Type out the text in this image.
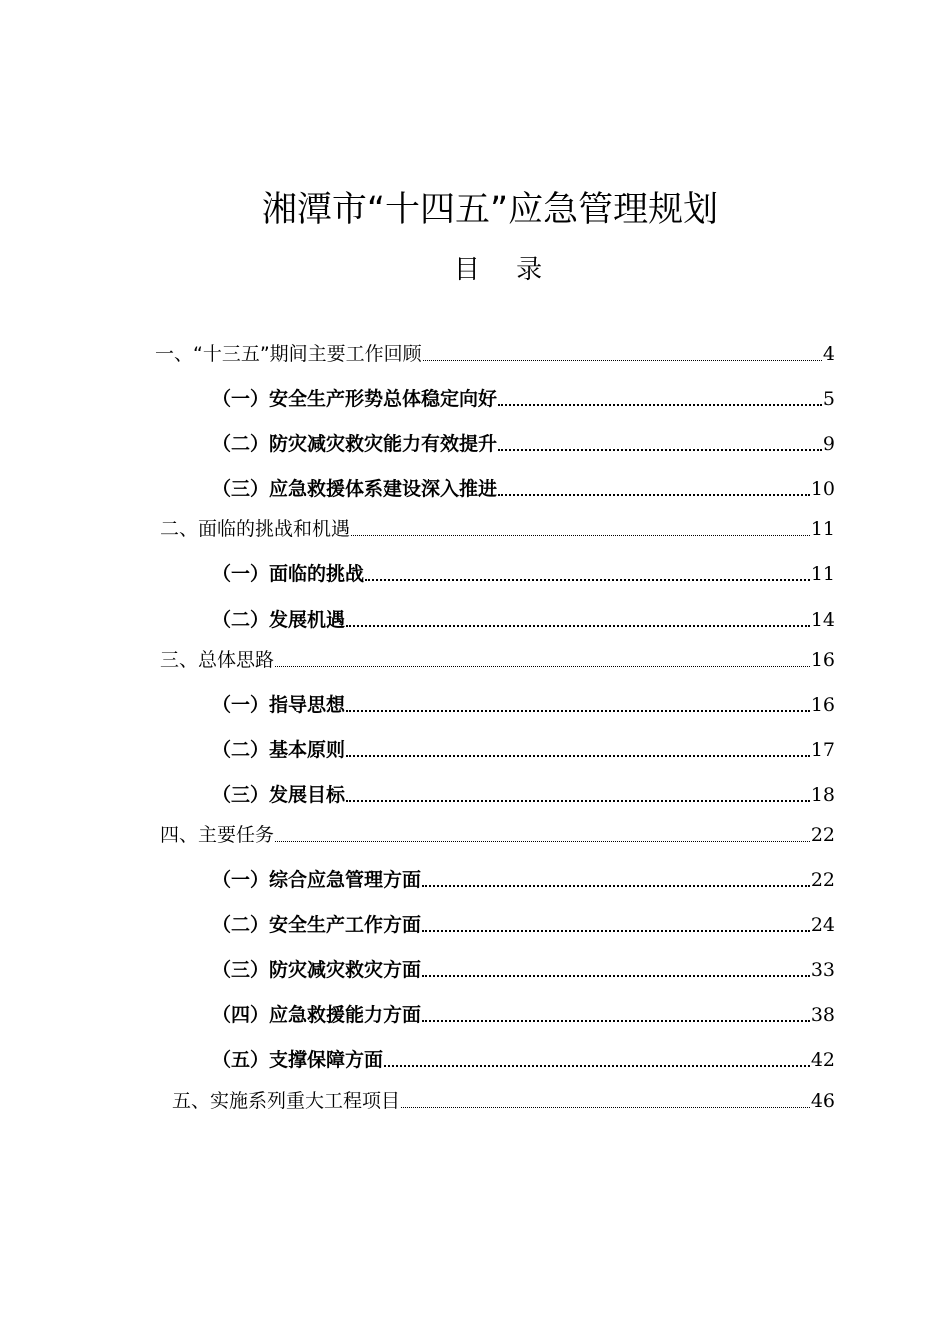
湘潭市“十四五”应急管理规划
目 录
一、“十三五”期间主要工作回顾	4
（一）安全生产形势总体稳定向好	5
（二）防灾减灾救灾能力有效提升	9
（三）应急救援体系建设深入推进	10
二、面临的挑战和机遇	11
（一）面临的挑战	11
（二）发展机遇	14
三、总体思路	16
（一）指导思想	16
（二）基本原则	17
（三）发展目标	18
四、主要任务	22
（一）综合应急管理方面	22
（二）安全生产工作方面	24
（三）防灾减灾救灾方面	33
（四）应急救援能力方面	38
（五）支撑保障方面	42
五、实施系列重大工程项目	46
